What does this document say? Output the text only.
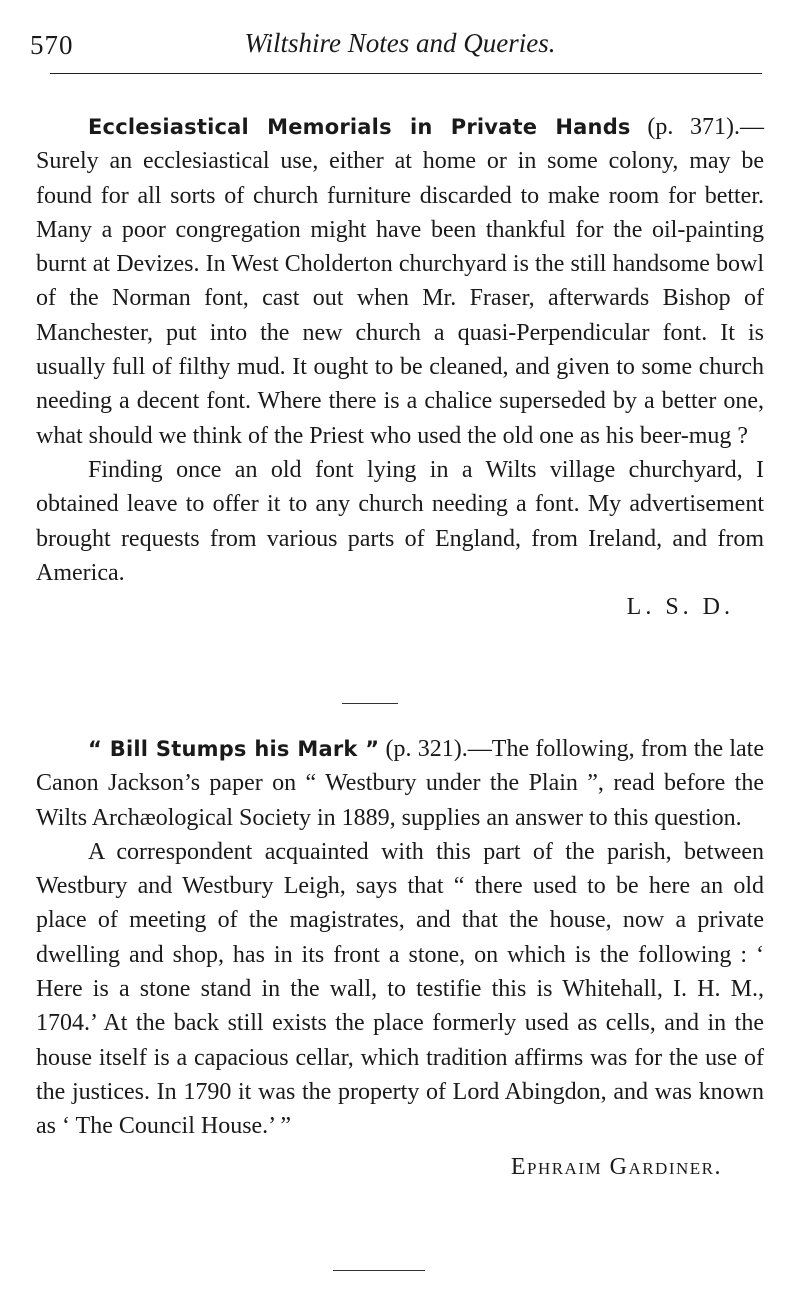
570	Wiltshire Notes and Queries.

Ecclesiastical Memorials in Private Hands (p. 371).— Surely an ecclesiastical use, either at home or in some colony, may be found for all sorts of church furniture discarded to make room for better. Many a poor congregation might have been thankful for the oil-painting burnt at Devizes. In West Cholderton churchyard is the still handsome bowl of the Norman font, cast out when Mr. Fraser, afterwards Bishop of Manchester, put into the new church a quasi-Perpendicular font. It is usually full of filthy mud. It ought to be cleaned, and given to some church needing a decent font. Where there is a chalice superseded by a better one, what should we think of the Priest who used the old one as his beer-mug ?

Finding once an old font lying in a Wilts village churchyard, I obtained leave to offer it to any church needing a font. My advertisement brought requests from various parts of England, from Ireland, and from America.

L. S. D.

“ Bill Stumps his Mark ” (p. 321).—The following, from the late Canon Jackson’s paper on “ Westbury under the Plain ”, read before the Wilts Archæological Society in 1889, supplies an answer to this question.

A correspondent acquainted with this part of the parish, between Westbury and Westbury Leigh, says that “ there used to be here an old place of meeting of the magistrates, and that the house, now a private dwelling and shop, has in its front a stone, on which is the following : ‘ Here is a stone stand in the wall, to testifie this is Whitehall, I. H. M., 1704.’ At the back still exists the place formerly used as cells, and in the house itself is a capacious cellar, which tradition affirms was for the use of the justices. In 1790 it was the property of Lord Abingdon, and was known as ‘ The Council House.’ ”

Ephraim Gardiner.
